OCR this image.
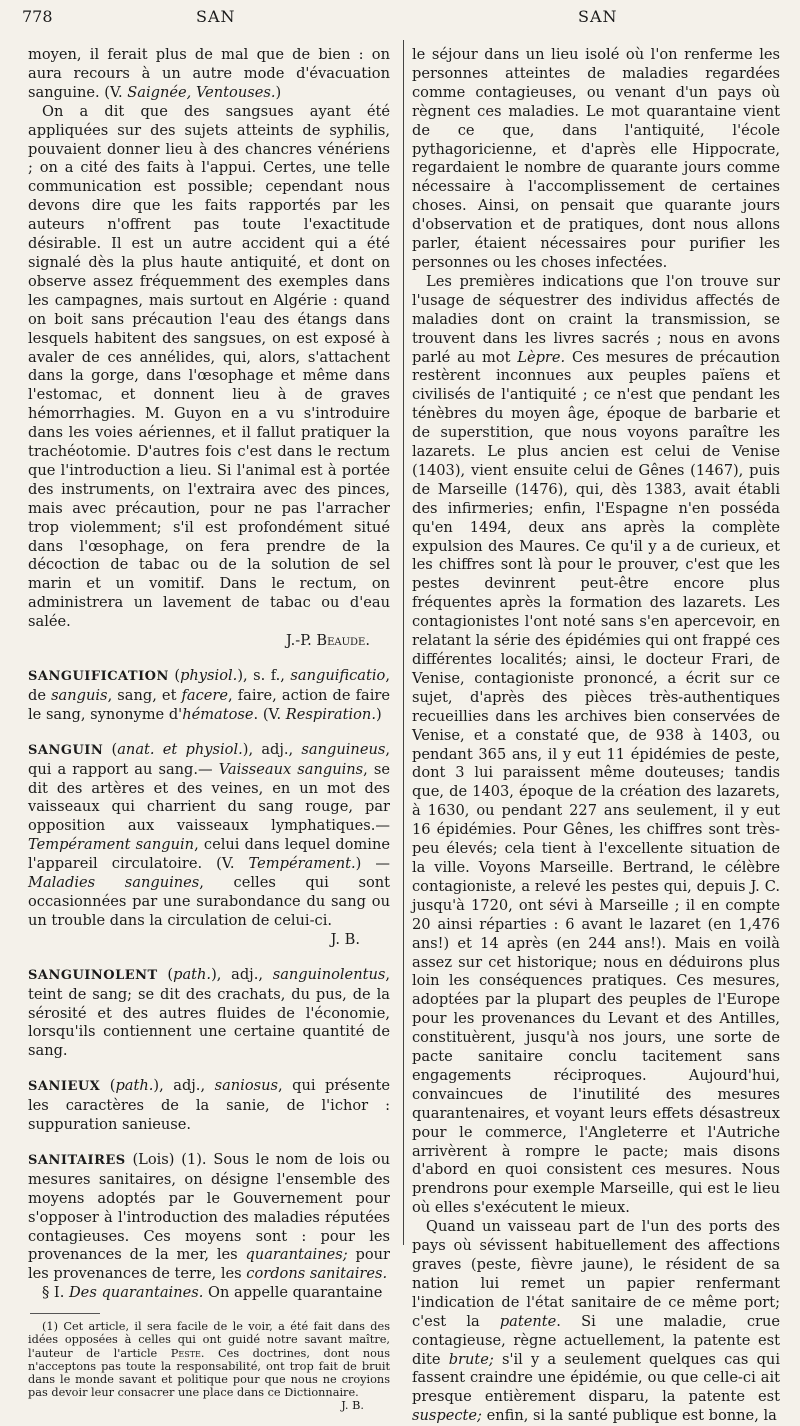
778	SAN	SAN

moyen, il ferait plus de mal que de bien : on aura recours à un autre mode d'évacuation sanguine. (V. Saignée, Ventouses.)

On a dit que des sangsues ayant été appliquées sur des sujets atteints de syphilis, pouvaient donner lieu à des chancres vénériens ; on a cité des faits à l'appui. Certes, une telle communication est possible; cependant nous devons dire que les faits rapportés par les auteurs n'offrent pas toute l'exactitude désirable. Il est un autre accident qui a été signalé dès la plus haute antiquité, et dont on observe assez fréquemment des exemples dans les campagnes, mais surtout en Algérie : quand on boit sans précaution l'eau des étangs dans lesquels habitent des sangsues, on est exposé à avaler de ces annélides, qui, alors, s'attachent dans la gorge, dans l'œsophage et même dans l'estomac, et donnent lieu à de graves hémorrhagies. M. Guyon en a vu s'introduire dans les voies aériennes, et il fallut pratiquer la trachéotomie. D'autres fois c'est dans le rectum que l'introduction a lieu. Si l'animal est à portée des instruments, on l'extraira avec des pinces, mais avec précaution, pour ne pas l'arracher trop violemment; s'il est profondément situé dans l'œsophage, on fera prendre de la décoction de tabac ou de la solution de sel marin et un vomitif. Dans le rectum, on administrera un lavement de tabac ou d'eau salée.

J.-P. Beaude.

SANGUIFICATION (physiol.), s. f., sanguificatio, de sanguis, sang, et facere, faire, action de faire le sang, synonyme d'hématose. (V. Respiration.)

SANGUIN (anat. et physiol.), adj., sanguineus, qui a rapport au sang.— Vaisseaux sanguins, se dit des artères et des veines, en un mot des vaisseaux qui charrient du sang rouge, par opposition aux vaisseaux lymphatiques.— Tempérament sanguin, celui dans lequel domine l'appareil circulatoire. (V. Tempérament.) — Maladies sanguines, celles qui sont occasionnées par une surabondance du sang ou un trouble dans la circulation de celui-ci.

J. B.

SANGUINOLENT (path.), adj., sanguinolentus, teint de sang; se dit des crachats, du pus, de la sérosité et des autres fluides de l'économie, lorsqu'ils contiennent une certaine quantité de sang.

SANIEUX (path.), adj., saniosus, qui présente les caractères de la sanie, de l'ichor : suppuration sanieuse.

SANITAIRES (Lois) (1). Sous le nom de lois ou mesures sanitaires, on désigne l'ensemble des moyens adoptés par le Gouvernement pour s'opposer à l'introduction des maladies réputées contagieuses. Ces moyens sont : pour les provenances de la mer, les quarantaines; pour les provenances de terre, les cordons sanitaires.

§ I. Des quarantaines. On appelle quarantaine

(1) Cet article, il sera facile de le voir, a été fait dans des idées opposées à celles qui ont guidé notre savant maître, l'auteur de l'article Peste. Ces doctrines, dont nous n'acceptons pas toute la responsabilité, ont trop fait de bruit dans le monde savant et politique pour que nous ne croyions pas devoir leur consacrer une place dans ce Dictionnaire.
J. B.

le séjour dans un lieu isolé où l'on renferme les personnes atteintes de maladies regardées comme contagieuses, ou venant d'un pays où règnent ces maladies. Le mot quarantaine vient de ce que, dans l'antiquité, l'école pythagoricienne, et d'après elle Hippocrate, regardaient le nombre de quarante jours comme nécessaire à l'accomplissement de certaines choses. Ainsi, on pensait que quarante jours d'observation et de pratiques, dont nous allons parler, étaient nécessaires pour purifier les personnes ou les choses infectées.

Les premières indications que l'on trouve sur l'usage de séquestrer des individus affectés de maladies dont on craint la transmission, se trouvent dans les livres sacrés ; nous en avons parlé au mot Lèpre. Ces mesures de précaution restèrent inconnues aux peuples païens et civilisés de l'antiquité ; ce n'est que pendant les ténèbres du moyen âge, époque de barbarie et de superstition, que nous voyons paraître les lazarets. Le plus ancien est celui de Venise (1403), vient ensuite celui de Gênes (1467), puis de Marseille (1476), qui, dès 1383, avait établi des infirmeries; enfin, l'Espagne n'en posséda qu'en 1494, deux ans après la complète expulsion des Maures. Ce qu'il y a de curieux, et les chiffres sont là pour le prouver, c'est que les pestes devinrent peut-être encore plus fréquentes après la formation des lazarets. Les contagionistes l'ont noté sans s'en apercevoir, en relatant la série des épidémies qui ont frappé ces différentes localités; ainsi, le docteur Frari, de Venise, contagioniste prononcé, a écrit sur ce sujet, d'après des pièces très-authentiques recueillies dans les archives bien conservées de Venise, et a constaté que, de 938 à 1403, ou pendant 365 ans, il y eut 11 épidémies de peste, dont 3 lui paraissent même douteuses; tandis que, de 1403, époque de la création des lazarets, à 1630, ou pendant 227 ans seulement, il y eut 16 épidémies. Pour Gênes, les chiffres sont très-peu élevés; cela tient à l'excellente situation de la ville. Voyons Marseille. Bertrand, le célèbre contagioniste, a relevé les pestes qui, depuis J. C. jusqu'à 1720, ont sévi à Marseille ; il en compte 20 ainsi réparties : 6 avant le lazaret (en 1,476 ans!) et 14 après (en 244 ans!). Mais en voilà assez sur cet historique; nous en déduirons plus loin les conséquences pratiques. Ces mesures, adoptées par la plupart des peuples de l'Europe pour les provenances du Levant et des Antilles, constituèrent, jusqu'à nos jours, une sorte de pacte sanitaire conclu tacitement sans engagements réciproques. Aujourd'hui, convaincues de l'inutilité des mesures quarantenaires, et voyant leurs effets désastreux pour le commerce, l'Angleterre et l'Autriche arrivèrent à rompre le pacte; mais disons d'abord en quoi consistent ces mesures. Nous prendrons pour exemple Marseille, qui est le lieu où elles s'exécutent le mieux.

Quand un vaisseau part de l'un des ports des pays où sévissent habituellement des affections graves (peste, fièvre jaune), le résident de sa nation lui remet un papier renfermant l'indication de l'état sanitaire de ce même port; c'est la patente. Si une maladie, crue contagieuse, règne actuellement, la patente est dite brute; s'il y a seulement quelques cas qui fassent craindre une épidémie, ou que celle-ci ait presque entièrement disparu, la patente est suspecte; enfin, si la santé publique est bonne, la
